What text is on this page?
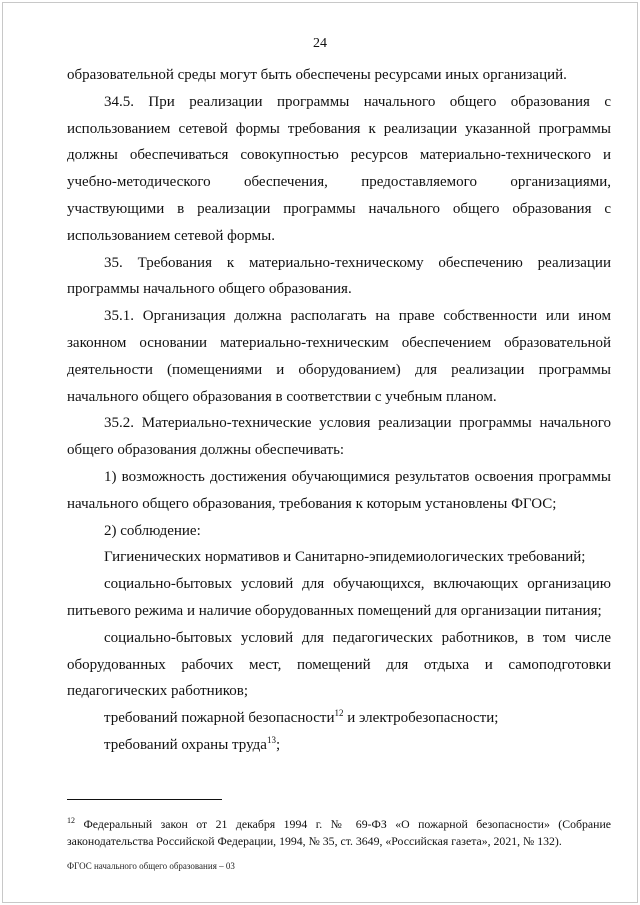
24

образовательной среды могут быть обеспечены ресурсами иных организаций.

34.5. При реализации программы начального общего образования с использованием сетевой формы требования к реализации указанной программы должны обеспечиваться совокупностью ресурсов материально-технического и учебно-методического обеспечения, предоставляемого организациями, участвующими в реализации программы начального общего образования с использованием сетевой формы.

35. Требования к материально-техническому обеспечению реализации программы начального общего образования.

35.1. Организация должна располагать на праве собственности или ином законном основании материально-техническим обеспечением образовательной деятельности (помещениями и оборудованием) для реализации программы начального общего образования в соответствии с учебным планом.

35.2. Материально-технические условия реализации программы начального общего образования должны обеспечивать:

1) возможность достижения обучающимися результатов освоения программы начального общего образования, требования к которым установлены ФГОС;

2) соблюдение:

Гигиенических нормативов и Санитарно-эпидемиологических требований;

социально-бытовых условий для обучающихся, включающих организацию питьевого режима и наличие оборудованных помещений для организации питания;

социально-бытовых условий для педагогических работников, в том числе оборудованных рабочих мест, помещений для отдыха и самоподготовки педагогических работников;

требований пожарной безопасности$^{12}$ и электробезопасности;

требований охраны труда$^{13}$;

$^{12}$ Федеральный закон от 21 декабря 1994 г. № 69-ФЗ «О пожарной безопасности» (Собрание законодательства Российской Федерации, 1994, № 35, ст. 3649, «Российская газета», 2021, № 132).
ФГОС начального общего образования – 03
